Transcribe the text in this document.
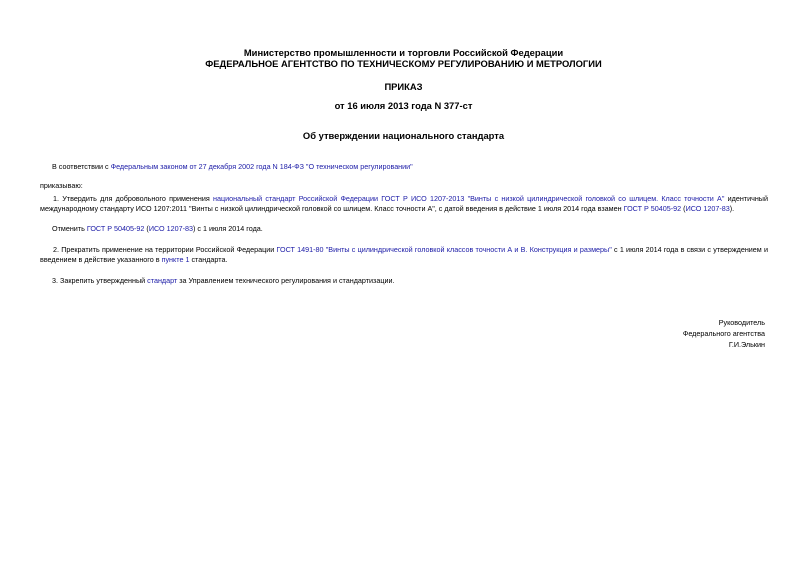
Министерство промышленности и торговли Российской Федерации
ФЕДЕРАЛЬНОЕ АГЕНТСТВО ПО ТЕХНИЧЕСКОМУ РЕГУЛИРОВАНИЮ И МЕТРОЛОГИИ
ПРИКАЗ
от 16 июля 2013 года N 377-ст
Об утверждении национального стандарта
В соответствии с Федеральным законом от 27 декабря 2002 года N 184-ФЗ "О техническом регулировании"
приказываю:
1. Утвердить для добровольного применения национальный стандарт Российской Федерации ГОСТ Р ИСО 1207-2013 "Винты с низкой цилиндрической головкой со шлицем. Класс точности А" идентичный
международному стандарту ИСО 1207:2011 "Винты с низкой цилиндрической головкой со шлицем. Класс точности А", с датой введения в действие 1 июля 2014 года взамен ГОСТ Р 50405-92 (ИСО 1207-83).
Отменить ГОСТ Р 50405-92 (ИСО 1207-83) с 1 июля 2014 года.
2. Прекратить применение на территории Российской Федерации ГОСТ 1491-80 "Винты с цилиндрической головкой классов точности А и В. Конструкция и размеры" с 1 июля 2014 года в связи с утверждением и
введением в действие указанного в пункте 1 стандарта.
3. Закрепить утвержденный стандарт за Управлением технического регулирования и стандартизации.
Руководитель
Федерального агентства
Г.И.Элькин
